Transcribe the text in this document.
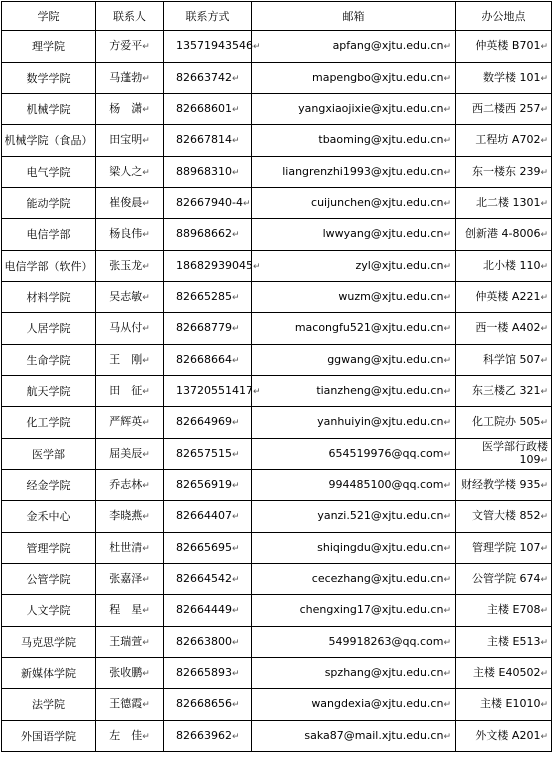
学院	联系人	联系方式	邮箱	办公地点
理学院	方爱平↵	13571943546↵	apfang@xjtu.edu.cn↵	仲英楼 B701↵
数学学院	马蓬勃↵	82663742↵	mapengbo@xjtu.edu.cn↵	数学楼 101↵
机械学院	杨　潇↵	82668601↵	yangxiaojixie@xjtu.edu.cn↵	西二楼西 257↵
机械学院（食品）	田宝明↵	82667814↵	tbaoming@xjtu.edu.cn↵	工程坊 A702↵
电气学院	梁人之↵	88968310↵	liangrenzhi1993@xjtu.edu.cn↵	东一楼东 239↵
能动学院	崔俊晨↵	82667940-4↵	cuijunchen@xjtu.edu.cn↵	北二楼 1301↵
电信学部	杨良伟↵	88968662↵	lwwyang@xjtu.edu.cn↵	创新港 4-8006↵
电信学部（软件）	张玉龙↵	18682939045↵	zyl@xjtu.edu.cn↵	北小楼 110↵
材料学院	吴志敏↵	82665285↵	wuzm@xjtu.edu.cn↵	仲英楼 A221↵
人居学院	马从付↵	82668779↵	macongfu521@xjtu.edu.cn↵	西一楼 A402↵
生命学院	王　刚↵	82668664↵	ggwang@xjtu.edu.cn↵	科学馆 507↵
航天学院	田　征↵	13720551417↵	tianzheng@xjtu.edu.cn↵	东三楼乙 321↵
化工学院	严辉英↵	82664969↵	yanhuiyin@xjtu.edu.cn↵	化工院办 505↵
医学部	屈美辰↵	82657515↵	654519976@qq.com↵	医学部行政楼 109↵
经金学院	乔志林↵	82656919↵	994485100@qq.com↵	财经教学楼 935↵
金禾中心	李晓燕↵	82664407↵	yanzi.521@xjtu.edu.cn↵	文管大楼 852↵
管理学院	杜世清↵	82665695↵	shiqingdu@xjtu.edu.cn↵	管理学院 107↵
公管学院	张嘉泽↵	82664542↵	cecezhang@xjtu.edu.cn↵	公管学院 674↵
人文学院	程　星↵	82664449↵	chengxing17@xjtu.edu.cn↵	主楼 E708↵
马克思学院	王瑞萱↵	82663800↵	549918263@qq.com↵	主楼 E513↵
新媒体学院	张收鹏↵	82665893↵	spzhang@xjtu.edu.cn↵	主楼 E40502↵
法学院	王德霞↵	82668656↵	wangdexia@xjtu.edu.cn↵	主楼 E1010↵
外国语学院	左　佳↵	82663962↵	saka87@mail.xjtu.edu.cn↵	外文楼 A201↵
